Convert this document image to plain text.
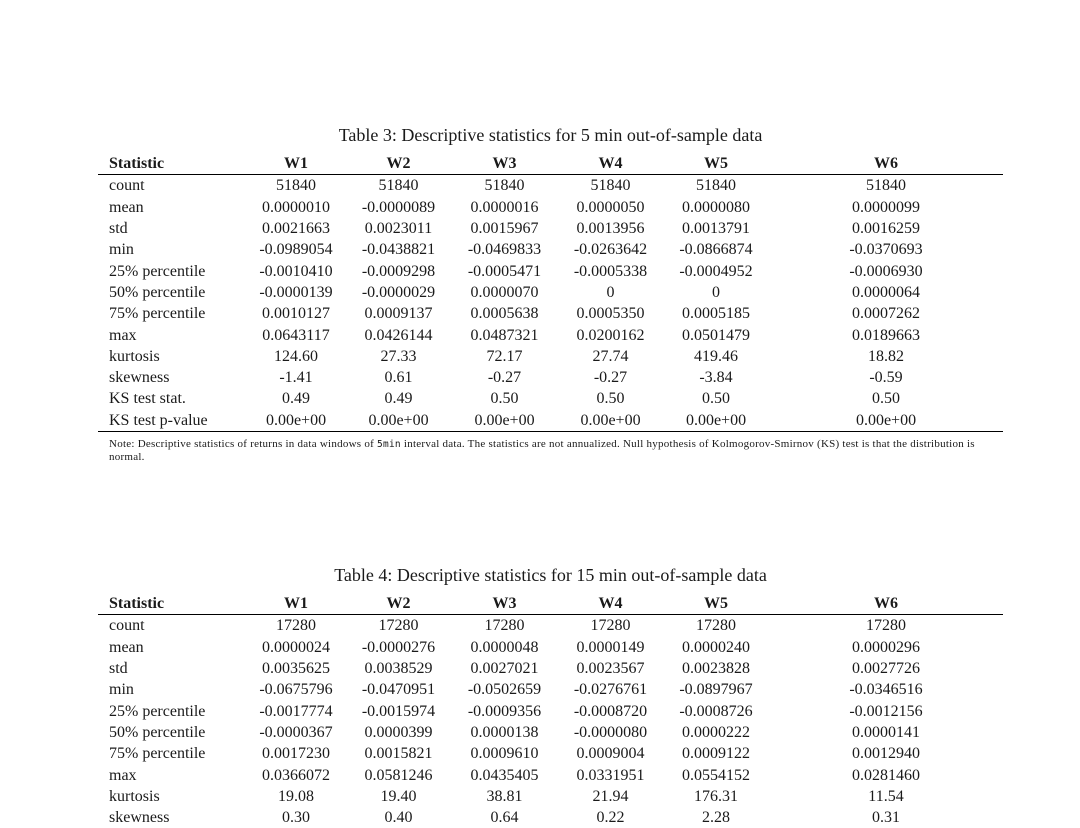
Table 3: Descriptive statistics for 5 min out-of-sample data

Statistic	W1	W2	W3	W4	W5	W6
count	51840	51840	51840	51840	51840	51840
mean	0.0000010	-0.0000089	0.0000016	0.0000050	0.0000080	0.0000099
std	0.0021663	0.0023011	0.0015967	0.0013956	0.0013791	0.0016259
min	-0.0989054	-0.0438821	-0.0469833	-0.0263642	-0.0866874	-0.0370693
25% percentile	-0.0010410	-0.0009298	-0.0005471	-0.0005338	-0.0004952	-0.0006930
50% percentile	-0.0000139	-0.0000029	0.0000070	0	0	0.0000064
75% percentile	0.0010127	0.0009137	0.0005638	0.0005350	0.0005185	0.0007262
max	0.0643117	0.0426144	0.0487321	0.0200162	0.0501479	0.0189663
kurtosis	124.60	27.33	72.17	27.74	419.46	18.82
skewness	-1.41	0.61	-0.27	-0.27	-3.84	-0.59
KS test stat.	0.49	0.49	0.50	0.50	0.50	0.50
KS test p-value	0.00e+00	0.00e+00	0.00e+00	0.00e+00	0.00e+00	0.00e+00

Note: Descriptive statistics of returns in data windows of 5min interval data. The statistics are not annualized. Null hypothesis of Kolmogorov-Smirnov (KS) test is that the distribution is normal.

Table 4: Descriptive statistics for 15 min out-of-sample data

Statistic	W1	W2	W3	W4	W5	W6
count	17280	17280	17280	17280	17280	17280
mean	0.0000024	-0.0000276	0.0000048	0.0000149	0.0000240	0.0000296
std	0.0035625	0.0038529	0.0027021	0.0023567	0.0023828	0.0027726
min	-0.0675796	-0.0470951	-0.0502659	-0.0276761	-0.0897967	-0.0346516
25% percentile	-0.0017774	-0.0015974	-0.0009356	-0.0008720	-0.0008726	-0.0012156
50% percentile	-0.0000367	0.0000399	0.0000138	-0.0000080	0.0000222	0.0000141
75% percentile	0.0017230	0.0015821	0.0009610	0.0009004	0.0009122	0.0012940
max	0.0366072	0.0581246	0.0435405	0.0331951	0.0554152	0.0281460
kurtosis	19.08	19.40	38.81	21.94	176.31	11.54
skewness	0.30	0.40	0.64	0.22	2.28	0.31
